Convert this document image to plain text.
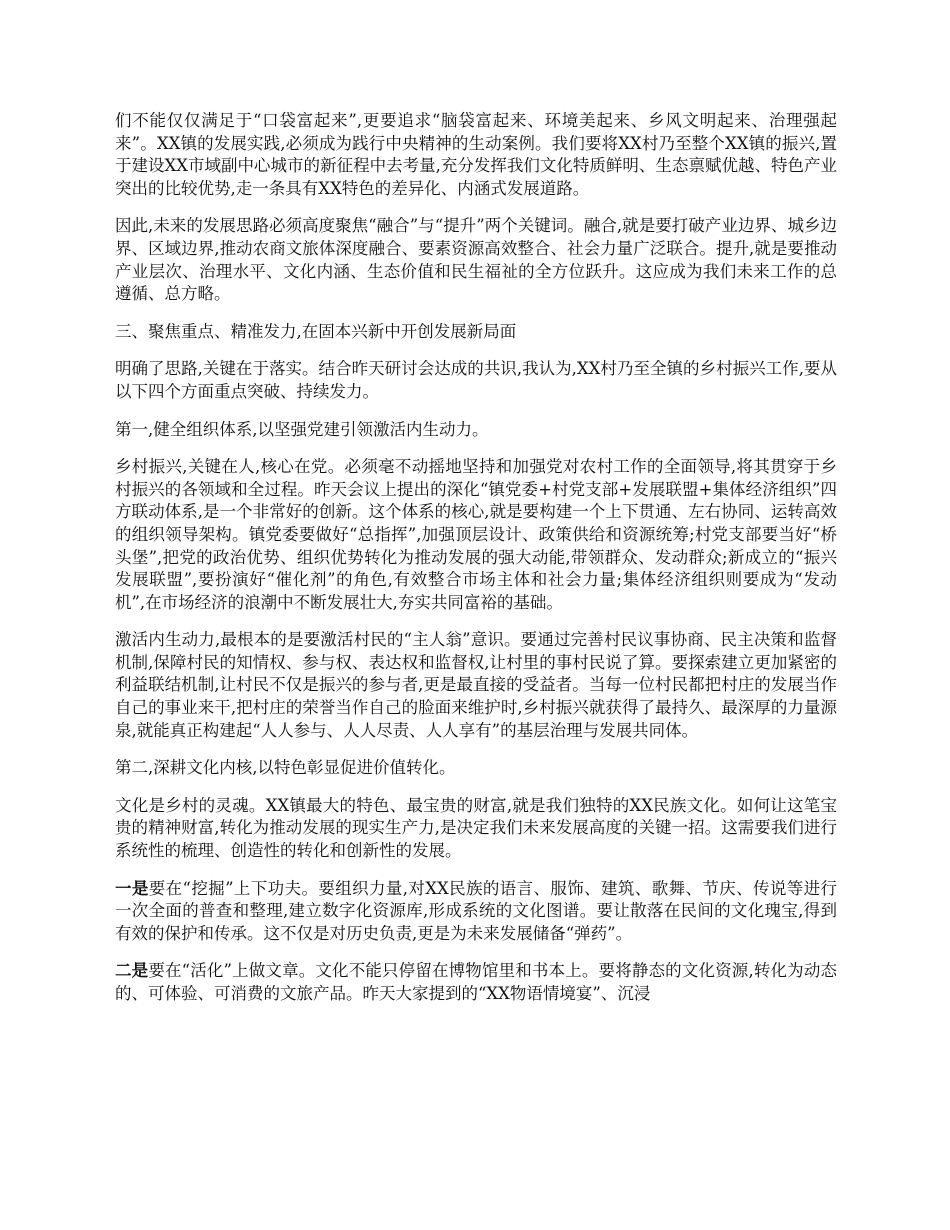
们不能仅仅满足于“口袋富起来”,更要追求“脑袋富起来、环境美起来、乡风文明起来、治理强起来”。XX镇的发展实践,必须成为践行中央精神的生动案例。我们要将XX村乃至整个XX镇的振兴,置于建设XX市域副中心城市的新征程中去考量,充分发挥我们文化特质鲜明、生态禀赋优越、特色产业突出的比较优势,走一条具有XX特色的差异化、内涵式发展道路。

因此,未来的发展思路必须高度聚焦“融合”与“提升”两个关键词。融合,就是要打破产业边界、城乡边界、区域边界,推动农商文旅体深度融合、要素资源高效整合、社会力量广泛联合。提升,就是要推动产业层次、治理水平、文化内涵、生态价值和民生福祉的全方位跃升。这应成为我们未来工作的总遵循、总方略。

三、聚焦重点、精准发力,在固本兴新中开创发展新局面

明确了思路,关键在于落实。结合昨天研讨会达成的共识,我认为,XX村乃至全镇的乡村振兴工作,要从以下四个方面重点突破、持续发力。

第一,健全组织体系,以坚强党建引领激活内生动力。

乡村振兴,关键在人,核心在党。必须毫不动摇地坚持和加强党对农村工作的全面领导,将其贯穿于乡村振兴的各领域和全过程。昨天会议上提出的深化“镇党委+村党支部+发展联盟+集体经济组织”四方联动体系,是一个非常好的创新。这个体系的核心,就是要构建一个上下贯通、左右协同、运转高效的组织领导架构。镇党委要做好“总指挥”,加强顶层设计、政策供给和资源统筹;村党支部要当好“桥头堡”,把党的政治优势、组织优势转化为推动发展的强大动能,带领群众、发动群众;新成立的“振兴发展联盟”,要扮演好“催化剂”的角色,有效整合市场主体和社会力量;集体经济组织则要成为“发动机”,在市场经济的浪潮中不断发展壮大,夯实共同富裕的基础。

激活内生动力,最根本的是要激活村民的“主人翁”意识。要通过完善村民议事协商、民主决策和监督机制,保障村民的知情权、参与权、表达权和监督权,让村里的事村民说了算。要探索建立更加紧密的利益联结机制,让村民不仅是振兴的参与者,更是最直接的受益者。当每一位村民都把村庄的发展当作自己的事业来干,把村庄的荣誉当作自己的脸面来维护时,乡村振兴就获得了最持久、最深厚的力量源泉,就能真正构建起“人人参与、人人尽责、人人享有”的基层治理与发展共同体。

第二,深耕文化内核,以特色彰显促进价值转化。

文化是乡村的灵魂。XX镇最大的特色、最宝贵的财富,就是我们独特的XX民族文化。如何让这笔宝贵的精神财富,转化为推动发展的现实生产力,是决定我们未来发展高度的关键一招。这需要我们进行系统性的梳理、创造性的转化和创新性的发展。

一是要在“挖掘”上下功夫。要组织力量,对XX民族的语言、服饰、建筑、歌舞、节庆、传说等进行一次全面的普查和整理,建立数字化资源库,形成系统的文化图谱。要让散落在民间的文化瑰宝,得到有效的保护和传承。这不仅是对历史负责,更是为未来发展储备“弹药”。

二是要在“活化”上做文章。文化不能只停留在博物馆里和书本上。要将静态的文化资源,转化为动态的、可体验、可消费的文旅产品。昨天大家提到的“XX物语情境宴”、沉浸
